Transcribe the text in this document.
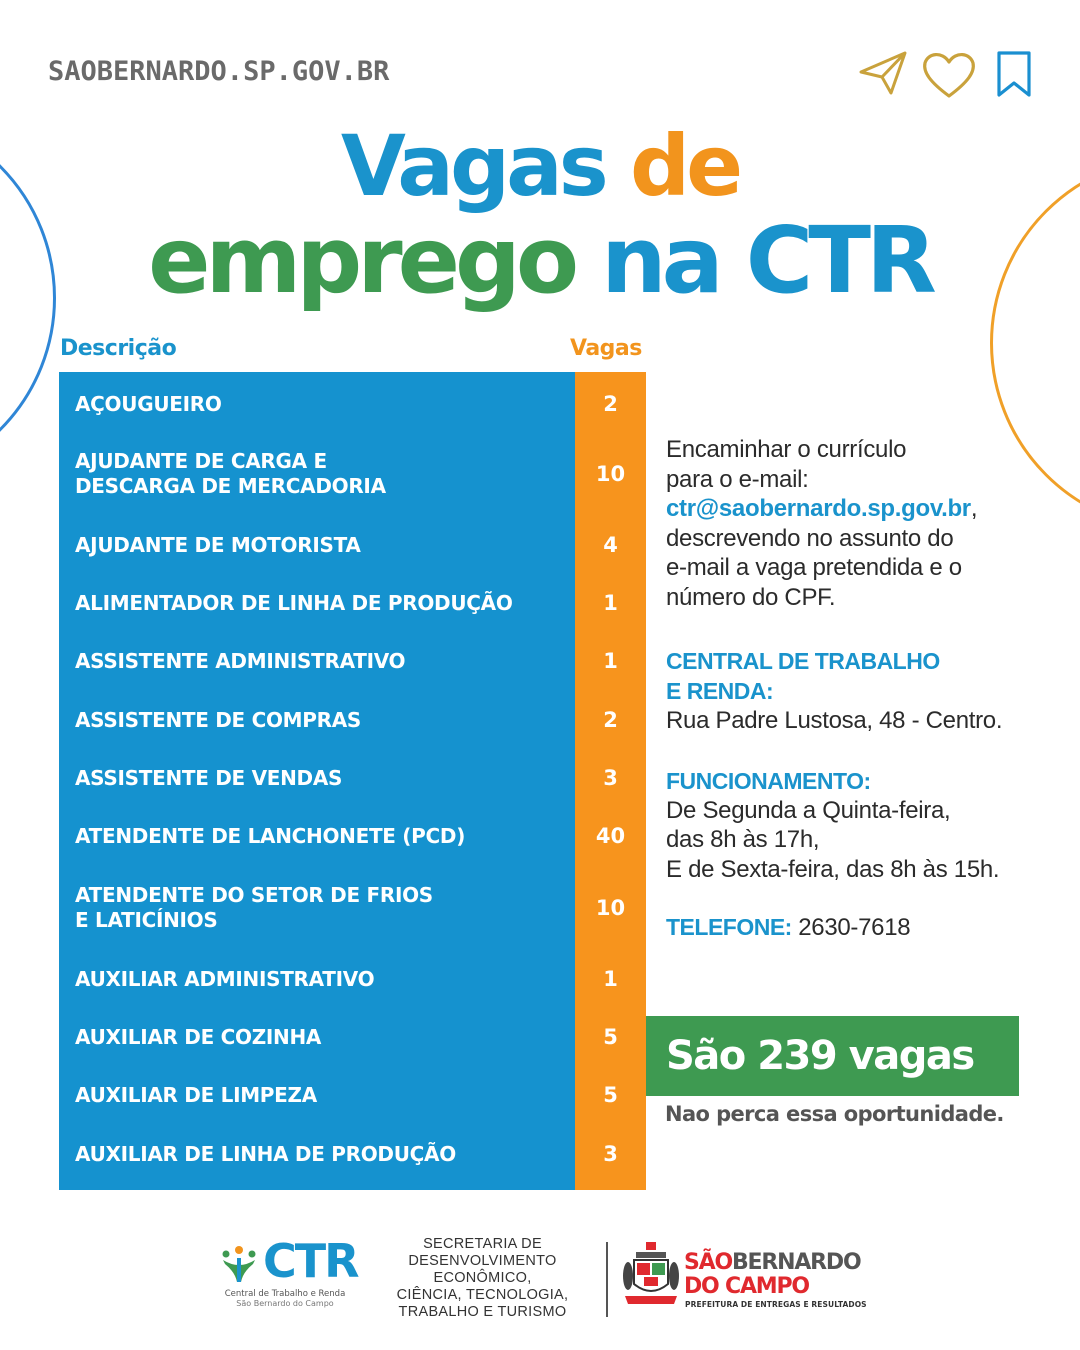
SAOBERNARDO.SP.GOV.BR
Vagas de
emprego na CTR
Descrição	Vagas
AÇOUGUEIRO	2
AJUDANTE DE CARGA E
DESCARGA DE MERCADORIA	10
AJUDANTE DE MOTORISTA	4
ALIMENTADOR DE LINHA DE PRODUÇÃO	1
ASSISTENTE ADMINISTRATIVO	1
ASSISTENTE DE COMPRAS	2
ASSISTENTE DE VENDAS	3
ATENDENTE DE LANCHONETE (PCD)	40
ATENDENTE DO SETOR DE FRIOS
E LATICÍNIOS	10
AUXILIAR ADMINISTRATIVO	1
AUXILIAR DE COZINHA	5
AUXILIAR DE LIMPEZA	5
AUXILIAR DE LINHA DE PRODUÇÃO	3
Encaminhar o currículo
para o e-mail:
ctr@saobernardo.sp.gov.br,
descrevendo no assunto do
e-mail a vaga pretendida e o
número do CPF.
CENTRAL DE TRABALHO
E RENDA:
Rua Padre Lustosa, 48 - Centro.
FUNCIONAMENTO:
De Segunda a Quinta-feira,
das 8h às 17h,
E de Sexta-feira, das 8h às 15h.
TELEFONE: 2630-7618
São 239 vagas
Nao perca essa oportunidade.
CTR
Central de Trabalho e Renda
São Bernardo do Campo
SECRETARIA DE
DESENVOLVIMENTO
ECONÔMICO,
CIÊNCIA, TECNOLOGIA,
TRABALHO E TURISMO
SÃOBERNARDO
DO CAMPO
PREFEITURA DE ENTREGAS E RESULTADOS
